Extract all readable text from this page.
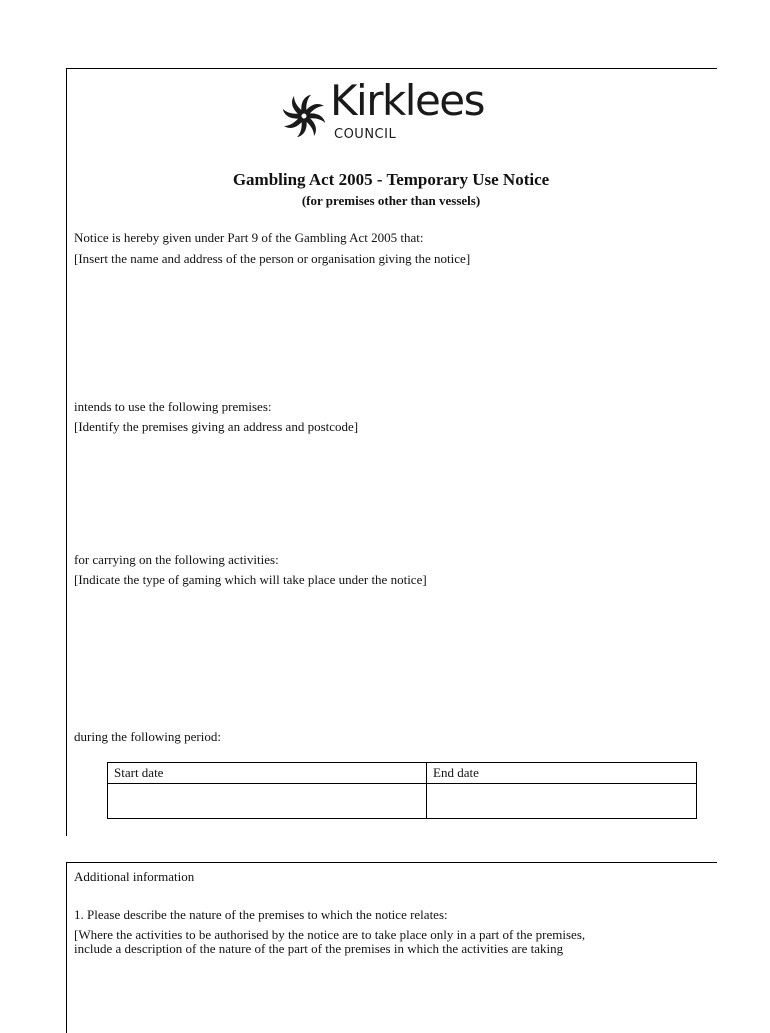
Kirklees
COUNCIL
Gambling Act 2005 - Temporary Use Notice
(for premises other than vessels)
Notice is hereby given under Part 9 of the Gambling Act 2005 that:
[Insert the name and address of the person or organisation giving the notice]
intends to use the following premises:
[Identify the premises giving an address and postcode]
for carrying on the following activities:
[Indicate the type of gaming which will take place under the notice]
during the following period:
Start date	End date

Additional information
1. Please describe the nature of the premises to which the notice relates:
[Where the activities to be authorised by the notice are to take place only in a part of the premises,
include a description of the nature of the part of the premises in which the activities are taking
